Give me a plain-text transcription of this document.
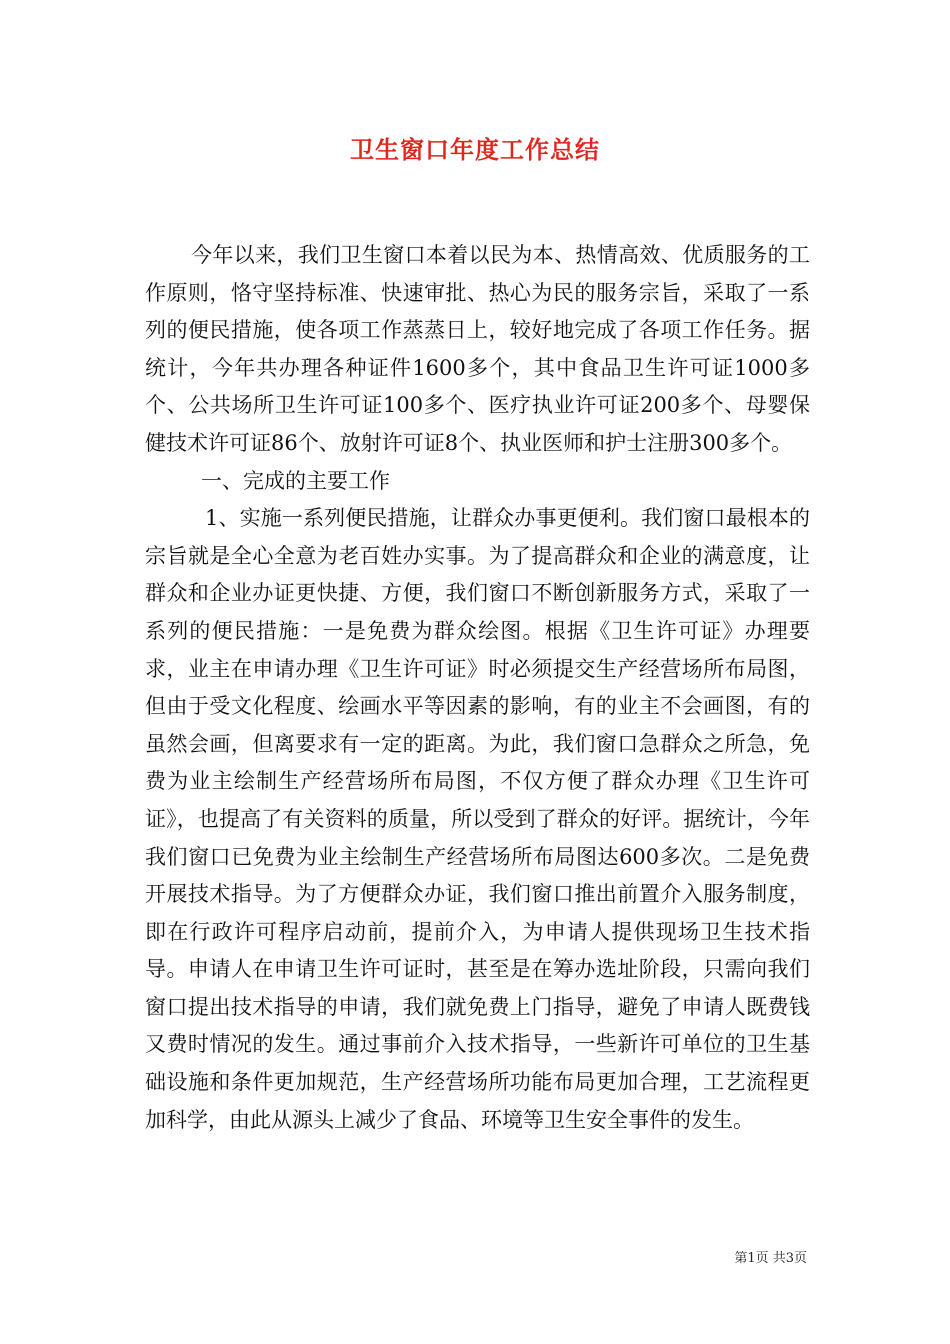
卫生窗口年度工作总结

今年以来，我们卫生窗口本着以民为本、热情高效、优质服务的工作原则，恪守坚持标准、快速审批、热心为民的服务宗旨，采取了一系列的便民措施，使各项工作蒸蒸日上，较好地完成了各项工作任务。据统计，今年共办理各种证件1600多个，其中食品卫生许可证1000多个、公共场所卫生许可证100多个、医疗执业许可证200多个、母婴保健技术许可证86个、放射许可证8个、执业医师和护士注册300多个。

一、完成的主要工作

1、实施一系列便民措施，让群众办事更便利。我们窗口最根本的宗旨就是全心全意为老百姓办实事。为了提高群众和企业的满意度，让群众和企业办证更快捷、方便，我们窗口不断创新服务方式，采取了一系列的便民措施：一是免费为群众绘图。根据《卫生许可证》办理要求，业主在申请办理《卫生许可证》时必须提交生产经营场所布局图，但由于受文化程度、绘画水平等因素的影响，有的业主不会画图，有的虽然会画，但离要求有一定的距离。为此，我们窗口急群众之所急，免费为业主绘制生产经营场所布局图，不仅方便了群众办理《卫生许可证》，也提高了有关资料的质量，所以受到了群众的好评。据统计，今年我们窗口已免费为业主绘制生产经营场所布局图达600多次。二是免费开展技术指导。为了方便群众办证，我们窗口推出前置介入服务制度，即在行政许可程序启动前，提前介入，为申请人提供现场卫生技术指导。申请人在申请卫生许可证时，甚至是在筹办选址阶段，只需向我们窗口提出技术指导的申请，我们就免费上门指导，避免了申请人既费钱又费时情况的发生。通过事前介入技术指导，一些新许可单位的卫生基础设施和条件更加规范，生产经营场所功能布局更加合理，工艺流程更加科学，由此从源头上减少了食品、环境等卫生安全事件的发生。

第1页 共3页
